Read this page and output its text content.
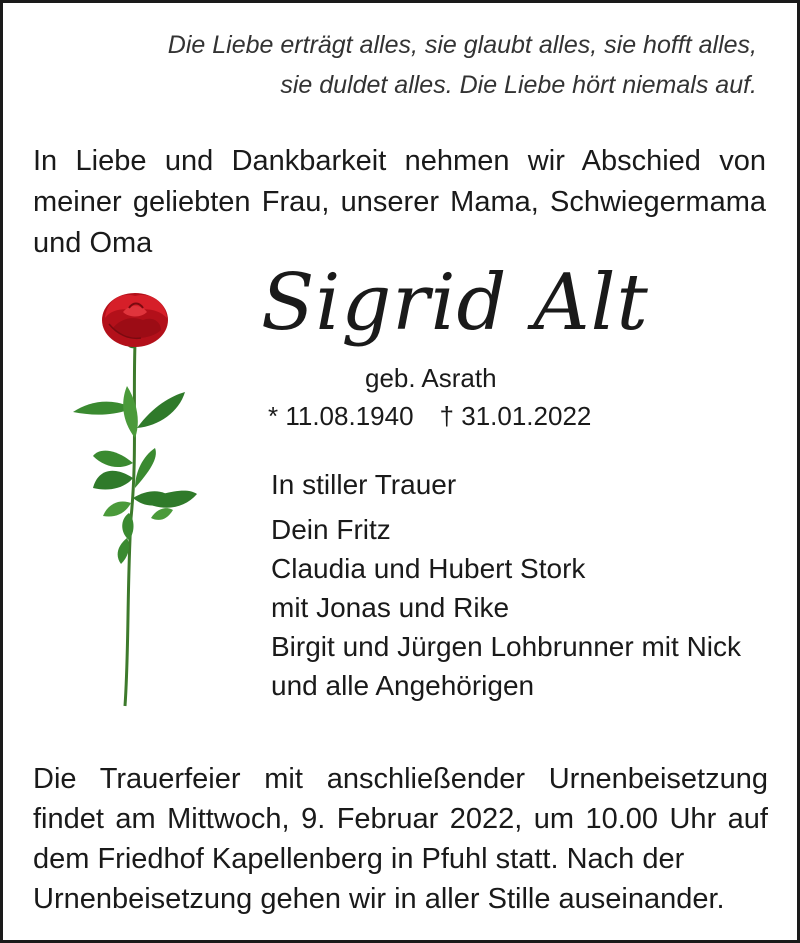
Die Liebe erträgt alles, sie glaubt alles, sie hofft alles,
sie duldet alles. Die Liebe hört niemals auf.
In Liebe und Dankbarkeit nehmen wir Abschied von
meiner geliebten Frau, unserer Mama, Schwiegermama
und Oma
Sigrid Alt
geb. Asrath
* 11.08.1940 † 31.01.2022
In stiller Trauer
Dein Fritz
Claudia und Hubert Stork
mit Jonas und Rike
Birgit und Jürgen Lohbrunner mit Nick
und alle Angehörigen
Die Trauerfeier mit anschließender Urnenbeisetzung
findet am Mittwoch, 9. Februar 2022, um 10.00 Uhr auf
dem Friedhof Kapellenberg in Pfuhl statt. Nach der
Urnenbeisetzung gehen wir in aller Stille auseinander.
